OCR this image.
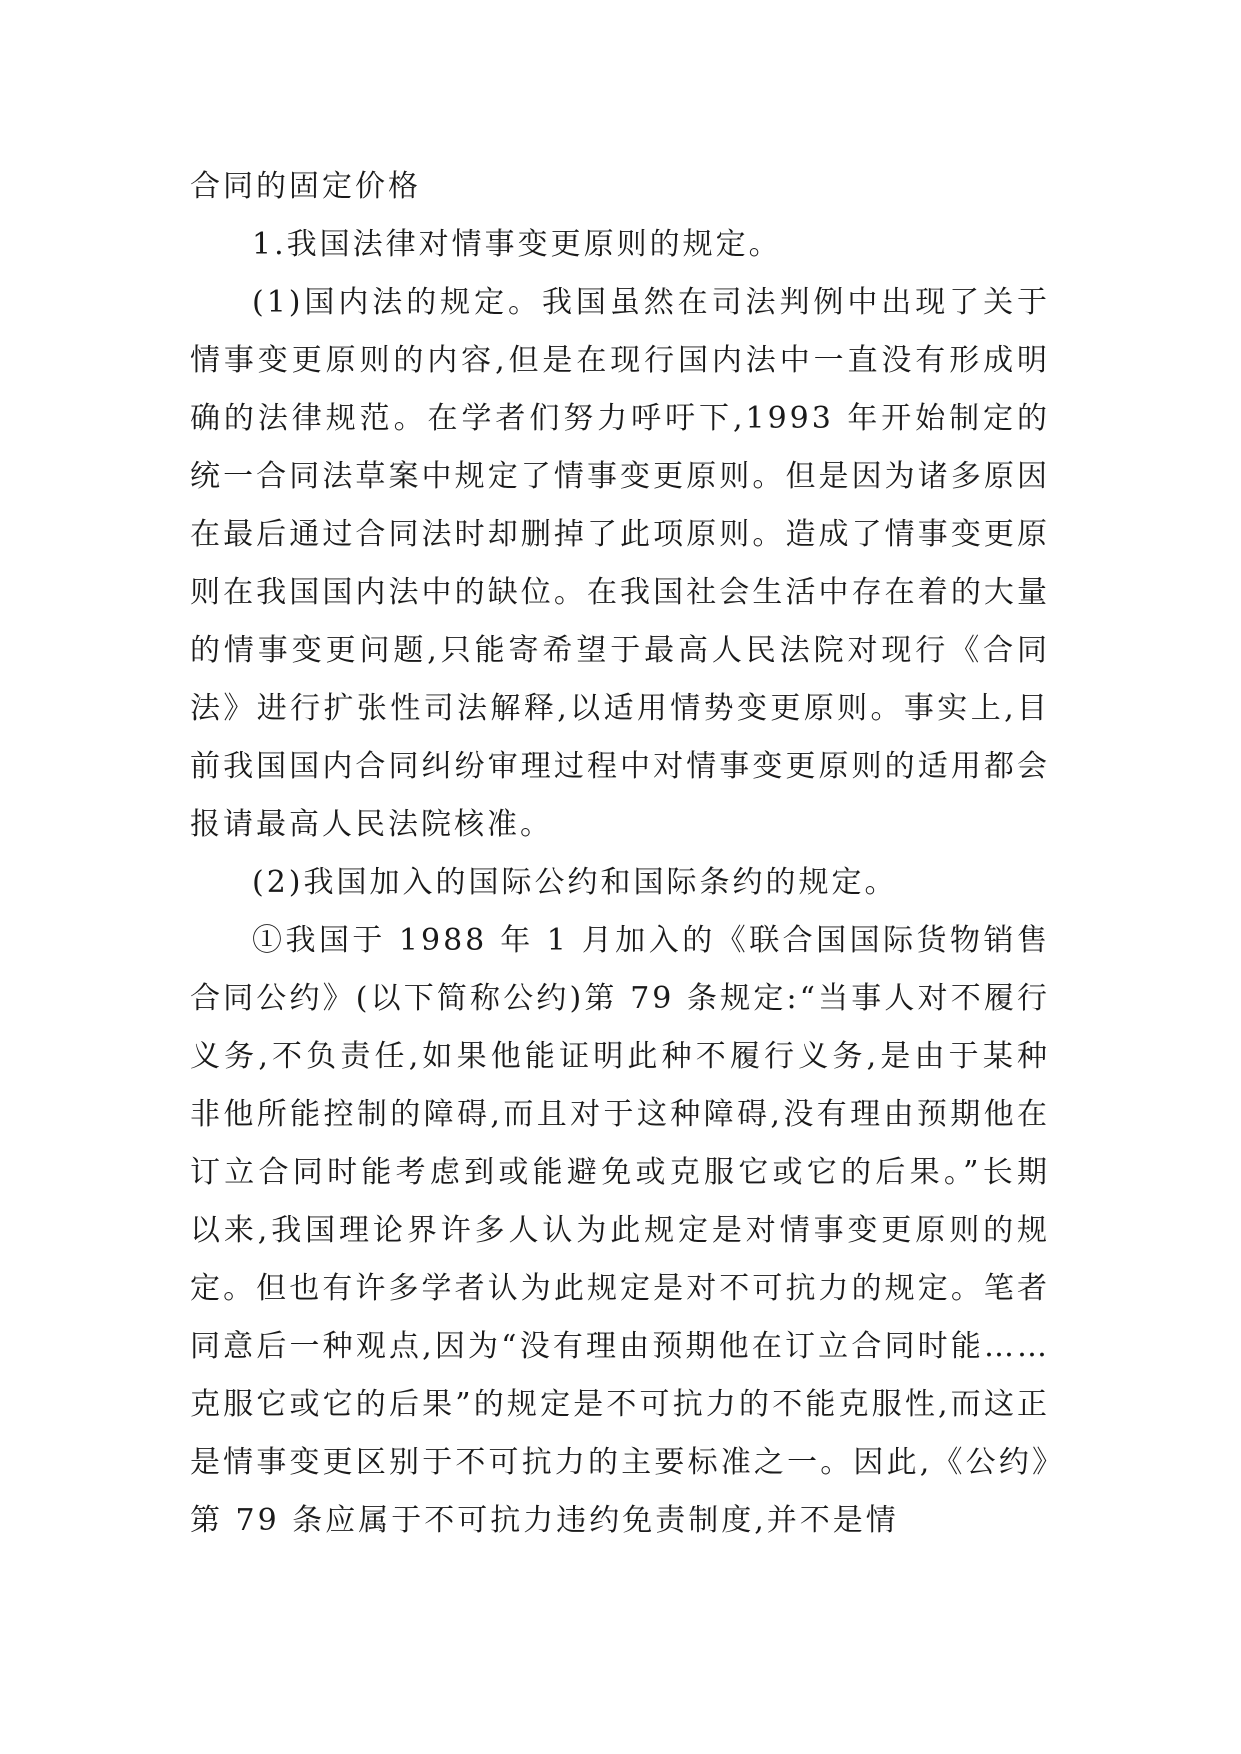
合同的固定价格

1.我国法律对情事变更原则的规定。

(1)国内法的规定。我国虽然在司法判例中出现了关于情事变更原则的内容,但是在现行国内法中一直没有形成明确的法律规范。在学者们努力呼吁下,1993 年开始制定的统一合同法草案中规定了情事变更原则。但是因为诸多原因在最后通过合同法时却删掉了此项原则。造成了情事变更原则在我国国内法中的缺位。在我国社会生活中存在着的大量的情事变更问题,只能寄希望于最高人民法院对现行《合同法》进行扩张性司法解释,以适用情势变更原则。事实上,目前我国国内合同纠纷审理过程中对情事变更原则的适用都会报请最高人民法院核准。

(2)我国加入的国际公约和国际条约的规定。

①我国于 1988 年 1 月加入的《联合国国际货物销售合同公约》(以下简称公约)第 79 条规定:“当事人对不履行义务,不负责任,如果他能证明此种不履行义务,是由于某种非他所能控制的障碍,而且对于这种障碍,没有理由预期他在订立合同时能考虑到或能避免或克服它或它的后果。”长期以来,我国理论界许多人认为此规定是对情事变更原则的规定。但也有许多学者认为此规定是对不可抗力的规定。笔者同意后一种观点,因为“没有理由预期他在订立合同时能……克服它或它的后果”的规定是不可抗力的不能克服性,而这正是情事变更区别于不可抗力的主要标准之一。因此,《公约》第 79 条应属于不可抗力违约免责制度,并不是情
